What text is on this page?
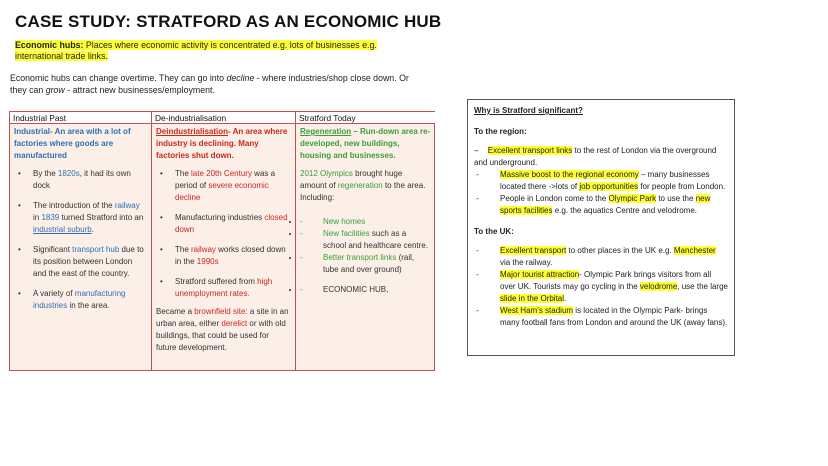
CASE STUDY: STRATFORD AS AN ECONOMIC HUB
Economic hubs: Places where economic activity is concentrated e.g. lots of businesses e.g. international trade links.
Economic hubs can change overtime. They can go into decline - where industries/shop close down. Or they can grow - attract new businesses/employment.
Industrial Past
Industrial- An area with a lot of factories where goods are manufactured
• By the 1820s, it had its own dock
• The introduction of the railway in 1839 turned Stratford into an industrial suburb.
• Significant transport hub due to its position between London and the east of the country.
• A variety of manufacturing industries in the area.
De-industrialisation
Deindustrialisation- An area where industry is declining. Many factories shut down.
• The late 20th Century was a period of severe economic decline
• Manufacturing industries closed down
• The railway works closed down in the 1990s
• Stratford suffered from high unemployment rates.
Became a brownfield site: a site in an urban area, either derelict or with old buildings, that could be used for future development.
Stratford Today
Regeneration – Run-down area re-developed, new buildings, housing and businesses.
2012 Olympics brought huge amount of regeneration to the area. Including:
- • New homes
- • New facilities such as a school and healthcare centre.
- • Better transport links (rail, tube and over ground)
- • ECONOMIC HUB,
Why is Stratford significant?
To the region:
- -     Excellent transport links to the rest of London via the overground and underground.
- Massive boost to the regional economy – many businesses located there ->lots of job opportunities for people from London.
- People in London come to the Olympic Park to use the new sports facilities e.g. the aquatics Centre and velodrome.
To the UK:
- Excellent transport to other places in the UK e.g. Manchester via the railway.
- Major tourist attraction- Olympic Park brings visitors from all over UK. Tourists may go cycling in the velodrome, use the large slide in the Orbital.
- West Ham’s stadium is located in the Olympic Park- brings many football fans from London and around the UK (away fans).
